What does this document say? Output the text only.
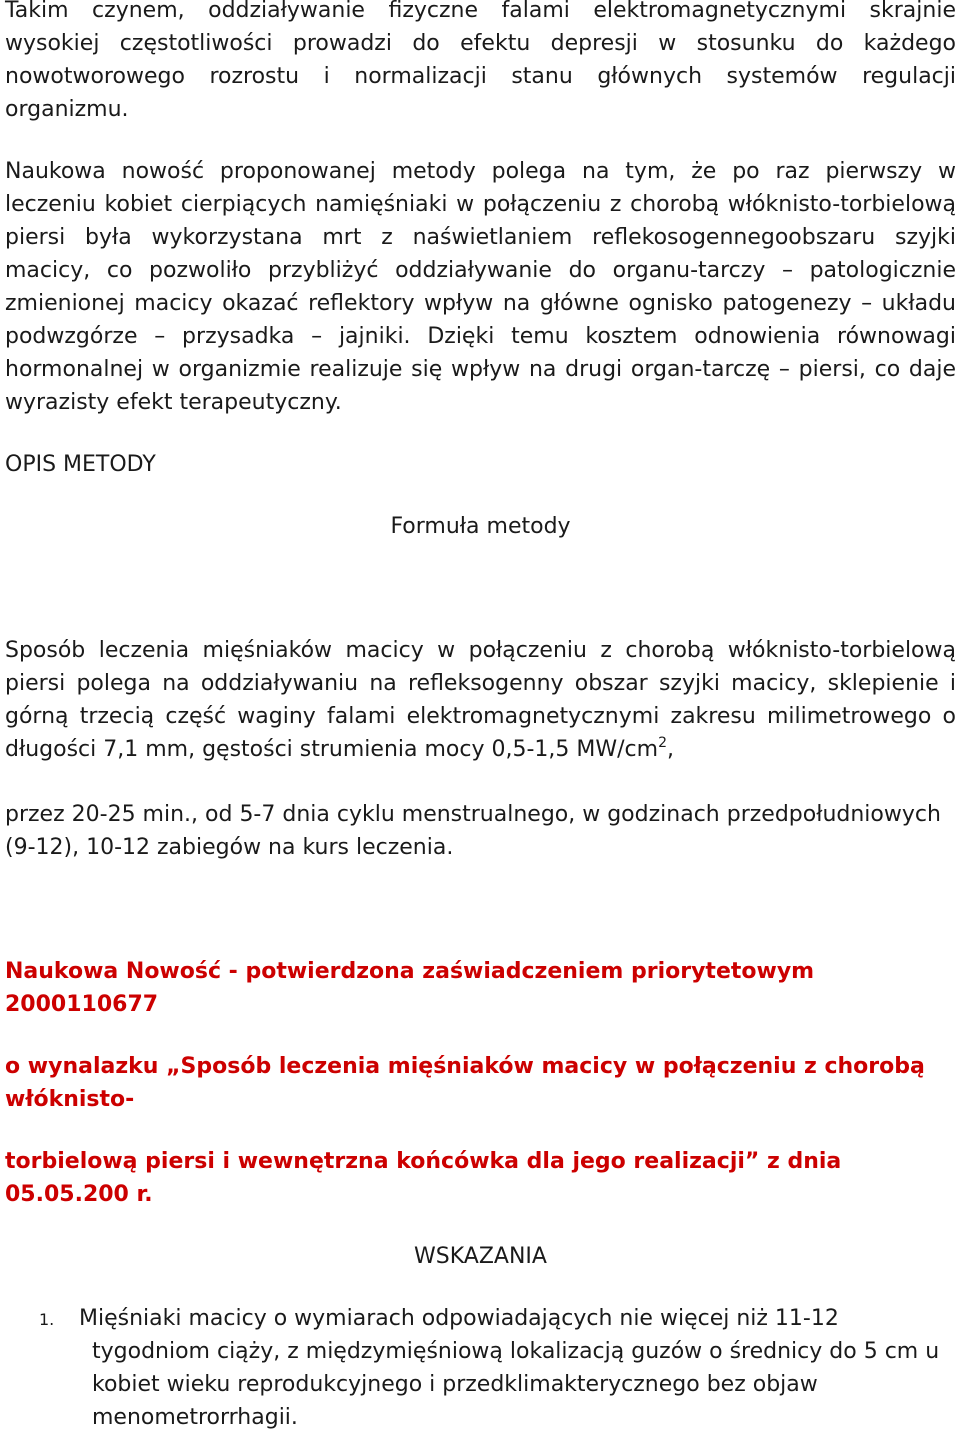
Takim czynem, oddziaływanie fizyczne falami elektromagnetycznymi skrajnie wysokiej częstotliwości prowadzi do efektu depresji w stosunku do każdego nowotworowego rozrostu i normalizacji stanu głównych systemów regulacji organizmu.

Naukowa nowość proponowanej metody polega na tym, że po raz pierwszy w leczeniu kobiet cierpiących namięśniaki w połączeniu z chorobą włóknisto-torbielową piersi była wykorzystana mrt z naświetlaniem reflekosogennegoobszaru szyjki macicy, co pozwoliło przybliżyć oddziaływanie do organu-tarczy – patologicznie zmienionej macicy okazać reflektory wpływ na główne ognisko patogenezy – układu podwzgórze – przysadka – jajniki. Dzięki temu kosztem odnowienia równowagi hormonalnej w organizmie realizuje się wpływ na drugi organ-tarczę – piersi, co daje wyrazisty efekt terapeutyczny.

OPIS METODY

Formuła metody

Sposób leczenia mięśniaków macicy w połączeniu z chorobą włóknisto-torbielową piersi polega na oddziaływaniu na refleksogenny obszar szyjki macicy, sklepienie i górną trzecią część waginy falami elektromagnetycznymi zakresu milimetrowego o długości 7,1 mm, gęstości strumienia mocy 0,5-1,5 $MW/cm^2$,

przez 20-25 min., od 5-7 dnia cyklu menstrualnego, w godzinach przedpołudniowych (9-12), 10-12 zabiegów na kurs leczenia.

Naukowa Nowość - potwierdzona zaświadczeniem priorytetowym 2000110677

o wynalazku „Sposób leczenia mięśniaków macicy w połączeniu z chorobą włóknisto-

torbielową piersi i wewnętrzna końcówka dla jego realizacji” z dnia 05.05.200 r.

WSKAZANIA

1. Mięśniaki macicy o wymiarach odpowiadających nie więcej niż 11-12 tygodniom ciąży, z międzymięśniową lokalizacją guzów o średnicy do 5 cm u kobiet wieku reprodukcyjnego i przedklimakterycznego bez objaw menometrorrhagii.
